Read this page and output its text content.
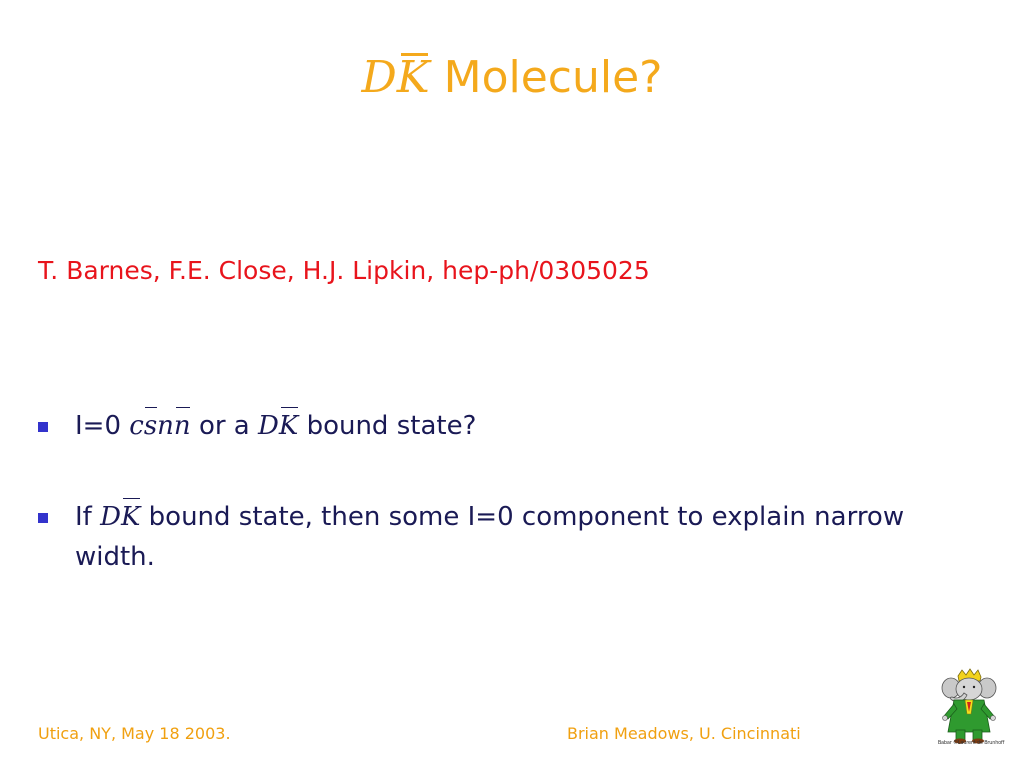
DK Molecule?
T. Barnes, F.E. Close, H.J. Lipkin, hep-ph/0305025
I=0 csnn or a DK bound state?
If DK bound state, then some I=0 component to explain narrow width.
Utica, NY, May 18 2003.	Brian Meadows, U. Cincinnati	Babar ©Laurent de Brunhoff
